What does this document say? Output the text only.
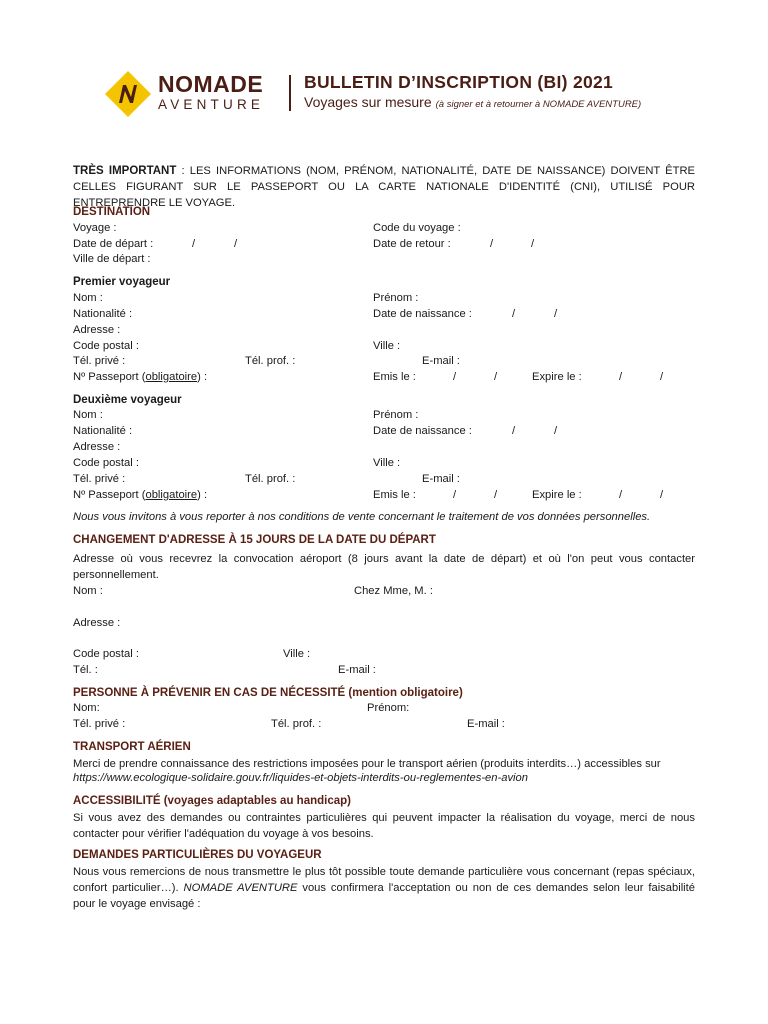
NOMADE
AVENTURE
BULLETIN D’INSCRIPTION (BI) 2021
Voyages sur mesure (à signer et à retourner à NOMADE AVENTURE)
TRÈS IMPORTANT : LES INFORMATIONS (NOM, PRÉNOM, NATIONALITÉ, DATE DE NAISSANCE) DOIVENT ÊTRE CELLES FIGURANT SUR LE PASSEPORT OU LA CARTE NATIONALE D'IDENTITÉ (CNI), UTILISÉ POUR ENTREPRENDRE LE VOYAGE.
DESTINATION
Voyage :	Code du voyage :
Date de départ :	/	/	Date de retour :	/	/
Ville de départ :
Premier voyageur
Nom :	Prénom :
Nationalité :	Date de naissance :	/	/
Adresse :
Code postal :	Ville :
Tél. privé :	Tél. prof. :	E-mail :
Nº Passeport (obligatoire) :	Emis le :	/	/	Expire le :	/	/
Deuxième voyageur
Nom :	Prénom :
Nationalité :	Date de naissance :	/	/
Adresse :
Code postal :	Ville :
Tél. privé :	Tél. prof. :	E-mail :
Nº Passeport (obligatoire) :	Emis le :	/	/	Expire le :	/	/
Nous vous invitons à vous reporter à nos conditions de vente concernant le traitement de vos données personnelles.
CHANGEMENT D'ADRESSE À 15 JOURS DE LA DATE DU DÉPART
Adresse où vous recevrez la convocation aéroport (8 jours avant la date de départ) et où l'on peut vous contacter personnellement.
Nom :	Chez Mme, M. :
Adresse :
Code postal :	Ville :
Tél. :	E-mail :
PERSONNE À PRÉVENIR EN CAS DE NÉCESSITÉ (mention obligatoire)
Nom:	Prénom:
Tél. privé :	Tél. prof. :	E-mail :
TRANSPORT AÉRIEN
Merci de prendre connaissance des restrictions imposées pour le transport aérien (produits interdits…) accessibles sur
https://www.ecologique-solidaire.gouv.fr/liquides-et-objets-interdits-ou-reglementes-en-avion
ACCESSIBILITÉ (voyages adaptables au handicap)
Si vous avez des demandes ou contraintes particulières qui peuvent impacter la réalisation du voyage, merci de nous contacter pour vérifier l'adéquation du voyage à vos besoins.
DEMANDES PARTICULIÈRES DU VOYAGEUR
Nous vous remercions de nous transmettre le plus tôt possible toute demande particulière vous concernant (repas spéciaux, confort particulier…). NOMADE AVENTURE vous confirmera l'acceptation ou non de ces demandes selon leur faisabilité pour le voyage envisagé :
